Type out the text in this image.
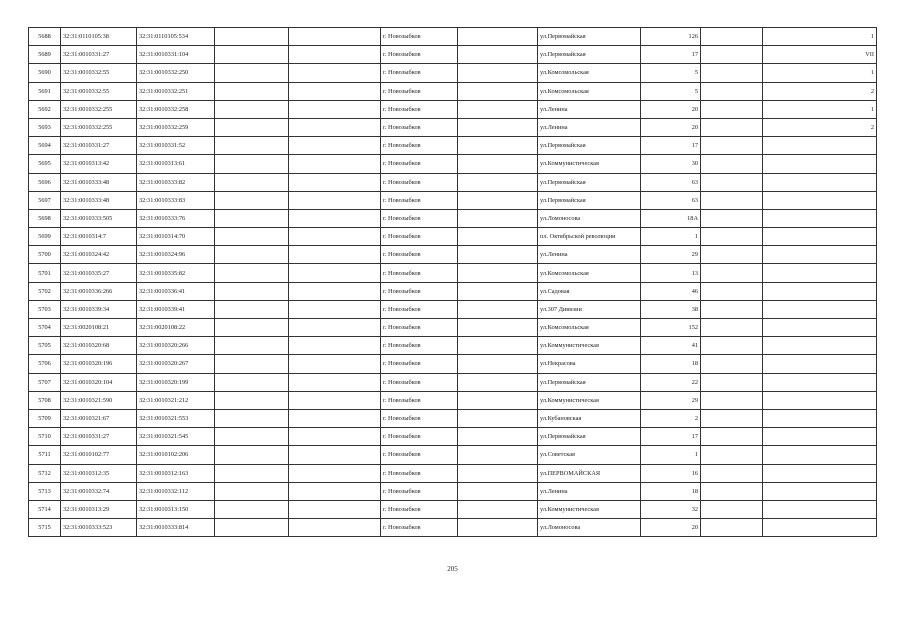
5688	32:31:0110105:38	32:31:0110105:534			г. Новозыбков		ул.Первомайская	126		1
5689	32:31:0010331:27	32:31:0010331:104			г. Новозыбков		ул.Первомайская	17		VII
5690	32:31:0010332:55	32:31:0010332:250			г. Новозыбков		ул.Комсомольская	5		1
5691	32:31:0010332:55	32:31:0010332:251			г. Новозыбков		ул.Комсомольская	5		2
5692	32:31:0010332:255	32:31:0010332:258			г. Новозыбков		ул.Ленина	20		1
5693	32:31:0010332:255	32:31:0010332:259			г. Новозыбков		ул.Ленина	20		2
5694	32:31:0010331:27	32:31:0010331:52			г. Новозыбков		ул.Первомайская	17		
5695	32:31:0010313:42	32:31:0010313:61			г. Новозыбков		ул.Коммунистическая	30		
5696	32:31:0010333:48	32:31:0010333:82			г. Новозыбков		ул.Первомайская	63		
5697	32:31:0010333:48	32:31:0010333:83			г. Новозыбков		ул.Первомайская	63		
5698	32:31:0010333:505	32:31:0010333:76			г. Новозыбков		ул.Ломоносова	18А		
5699	32:31:0010314:7	32:31:0010314:70			г. Новозыбков		пл. Октябрьской революции	1		
5700	32:31:0010324:42	32:31:0010324:96			г. Новозыбков		ул.Ленина	29		
5701	32:31:0010335:27	32:31:0010335:82			г. Новозыбков		ул.Комсомольская	13		
5702	32:31:0010336:266	32:31:0010336:41			г. Новозыбков		ул.Садовая	46		
5703	32:31:0010339:34	32:31:0010339:41			г. Новозыбков		ул.307 Дивизии	38		
5704	32:31:0020108:21	32:31:0020108:22			г. Новозыбков		ул.Комсомольская	152		
5705	32:31:0010320:68	32:31:0010320:266			г. Новозыбков		ул.Коммунистическая	41		
5706	32:31:0010320:196	32:31:0010320:267			г. Новозыбков		ул.Некрасова	18		
5707	32:31:0010320:104	32:31:0010320:199			г. Новозыбков		ул.Первомайская	22		
5708	32:31:0010321:590	32:31:0010321:212			г. Новозыбков		ул.Коммунистическая	29		
5709	32:31:0010321:67	32:31:0010321:553			г. Новозыбков		ул.Кубановская	2		
5710	32:31:0010331:27	32:31:0010321:545			г. Новозыбков		ул.Первомайская	17		
5711	32:31:0010102:77	32:31:0010102:206			г. Новозыбков		ул.Советская	1		
5712	32:31:0010312:35	32:31:0010312:163			г. Новозыбков		ул.ПЕРВОМАЙСКАЯ	16		
5713	32:31:0010332:74	32:31:0010332:112			г. Новозыбков		ул.Ленина	18		
5714	32:31:0010313:29	32:31:0010313:150			г. Новозыбков		ул.Коммунистическая	32		
5715	32:31:0010333:523	32:31:0010333:814			г. Новозыбков		ул.Ломоносова	20		
205
